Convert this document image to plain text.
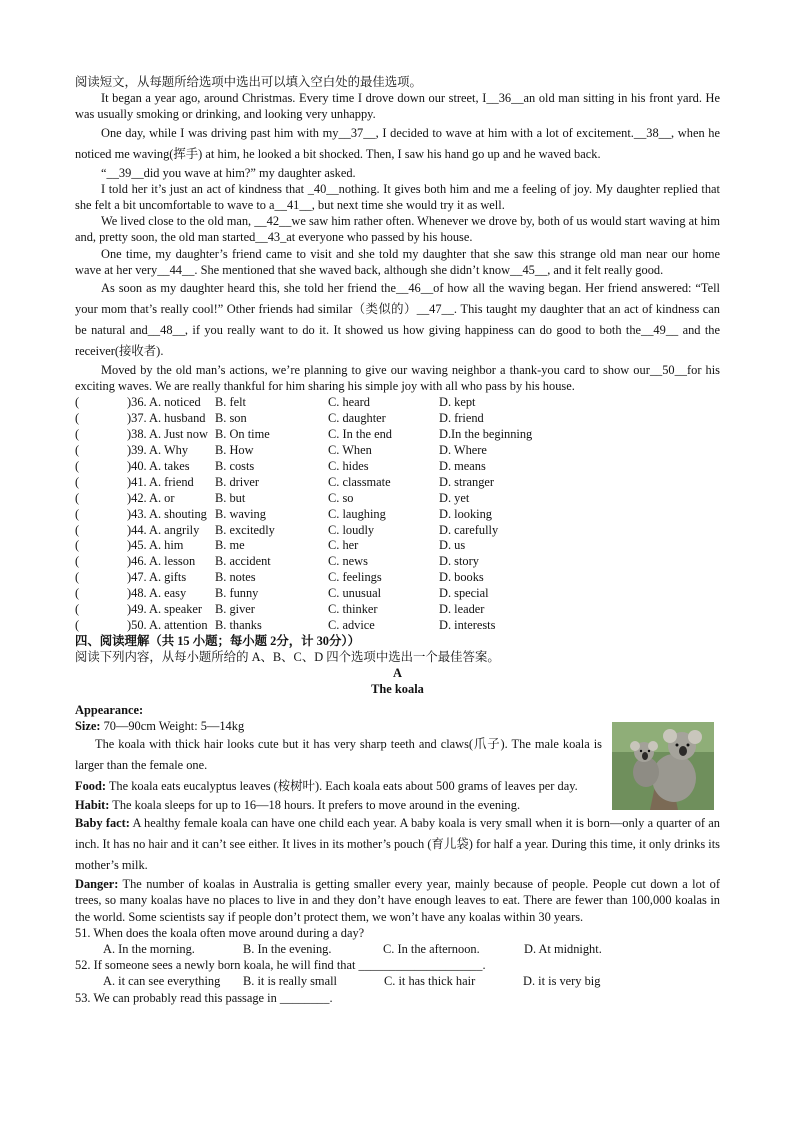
阅读短文，从每题所给选项中选出可以填入空白处的最佳选项。

It began a year ago, around Christmas. Every time I drove down our street, I__36__an old man sitting in his front yard. He was usually smoking or drinking, and looking very unhappy.

One day, while I was driving past him with my__37__, I decided to wave at him with a lot of excitement.__38__, when he noticed me waving(挥手) at him, he looked a bit shocked. Then, I saw his hand go up and he waved back.

“__39__did you wave at him?” my daughter asked.

I told her it’s just an act of kindness that _40__nothing. It gives both him and me a feeling of joy. My daughter replied that she felt a bit uncomfortable to wave to a__41__, but next time she would try it as well.

We lived close to the old man, __42__we saw him rather often. Whenever we drove by, both of us would start waving at him and, pretty soon, the old man started__43_at everyone who passed by his house.

One time, my daughter’s friend came to visit and she told my daughter that she saw this strange old man near our home wave at her very__44__. She mentioned that she waved back, although she didn’t know__45__, and it felt really good.

As soon as my daughter heard this, she told her friend the__46__of how all the waving began. Her friend answered: “Tell your mom that’s really cool!” Other friends had similar（类似的）__47__. This taught my daughter that an act of kindness can be natural and__48__, if you really want to do it. It showed us how giving happiness can do good to both the__49__ and the receiver(接收者).

Moved by the old man’s actions, we’re planning to give our waving neighbor a thank-you card to show our__50__for his exciting waves. We are really thankful for him sharing his simple joy with all who pass by his house.

(	)36. A. noticed	B. felt	C. heard	D. kept
(	)37. A. husband B. son	C. daughter	D. friend
(	)38. A. Just now B. On time	C. In the end	D.In the beginning
(	)39. A. Why	B. How	C. When	D. Where
(	)40. A. takes	B. costs	C. hides	D. means
(	)41. A. friend	B. driver	C. classmate	D. stranger
(	)42. A. or	B. but	C. so	D. yet
(	)43. A. shouting B. waving	C. laughing	D. looking
(	)44. A. angrily	B. excitedly	C. loudly	D. carefully
(	)45. A. him	B. me	C. her	D. us
(	)46. A. lesson	B. accident	C. news	D. story
(	)47. A. gifts	B. notes	C. feelings	D. books
(	)48. A. easy	B. funny	C. unusual	D. special
(	)49. A. speaker	B. giver	C. thinker	D. leader
(	)50. A. attention B. thanks	C. advice	D. interests

四、阅读理解（共 15 小题；每小题 2分，计 30分））

阅读下列内容，从每小题所给的 A、B、C、D 四个选项中选出一个最佳答案。

A

The koala

Appearance:

Size: 70—90cm Weight: 5—14kg

The koala with thick hair looks cute but it has very sharp teeth and claws(爪子). The male koala is larger than the female one.

Food: The koala eats eucalyptus leaves (桉树叶). Each koala eats about 500 grams of leaves per day.

Habit: The koala sleeps for up to 16—18 hours. It prefers to move around in the evening.

Baby fact: A healthy female koala can have one child each year. A baby koala is very small when it is born—only a quarter of an inch. It has no hair and it can’t see either. It lives in its mother’s pouch (育儿袋) for half a year. During this time, it only drinks its mother’s milk.

Danger: The number of koalas in Australia is getting smaller every year, mainly because of people. People cut down a lot of trees, so many koalas have no places to live in and they don’t have enough leaves to eat. There are fewer than 100,000 koalas in the world. Some scientists say if people don’t protect them, we won’t have any koalas within 30 years.

51. When does the koala often move around during a day?

A. In the morning.	B. In the evening.	C. In the afternoon.	D. At midnight.

52. If someone sees a newly born koala, he will find that ____________________.

A. it can see everything	B. it is really small	C. it has thick hair	D. it is very big

53. We can probably read this passage in ________.
